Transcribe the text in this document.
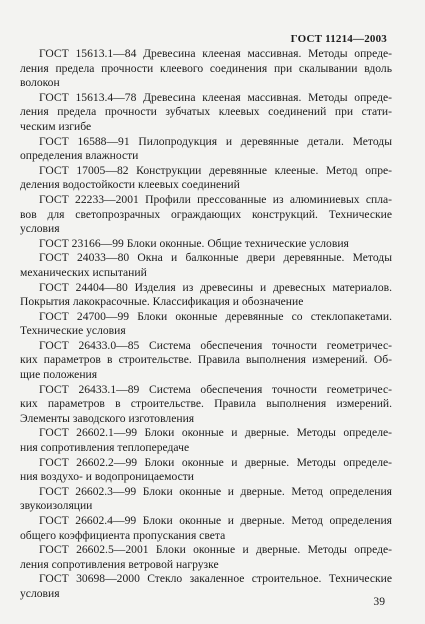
ГОСТ 11214—2003
ГОСТ 15613.1—84 Древесина клееная массивная. Методы опреде-
ления предела прочности клеевого соединения при скалывании вдоль
волокон
ГОСТ 15613.4—78 Древесина клееная массивная. Методы опреде-
ления предела прочности зубчатых клеевых соединений при стати-
ческим изгибе
ГОСТ 16588—91 Пилопродукция и деревянные детали. Методы
определения влажности
ГОСТ 17005—82 Конструкции деревянные клееные. Метод опре-
деления водостойкости клеевых соединений
ГОСТ 22233—2001 Профили прессованные из алюминиевых спла-
вов для светопрозрачных ограждающих конструкций. Технические
условия
ГОСТ 23166—99 Блоки оконные. Общие технические условия
ГОСТ 24033—80 Окна и балконные двери деревянные. Методы
механических испытаний
ГОСТ 24404—80 Изделия из древесины и древесных материалов.
Покрытия лакокрасочные. Классификация и обозначение
ГОСТ 24700—99 Блоки оконные деревянные со стеклопакетами.
Технические условия
ГОСТ 26433.0—85 Система обеспечения точности геометричес-
ких параметров в строительстве. Правила выполнения измерений. Об-
щие положения
ГОСТ 26433.1—89 Система обеспечения точности геометричес-
ких параметров в строительстве. Правила выполнения измерений.
Элементы заводского изготовления
ГОСТ 26602.1—99 Блоки оконные и дверные. Методы определе-
ния сопротивления теплопередаче
ГОСТ 26602.2—99 Блоки оконные и дверные. Методы определе-
ния воздухо- и водопроницаемости
ГОСТ 26602.3—99 Блоки оконные и дверные. Метод определения
звукоизоляции
ГОСТ 26602.4—99 Блоки оконные и дверные. Метод определения
общего коэффициента пропускания света
ГОСТ 26602.5—2001 Блоки оконные и дверные. Методы опреде-
ления сопротивления ветровой нагрузке
ГОСТ 30698—2000 Стекло закаленное строительное. Технические
условия
39
